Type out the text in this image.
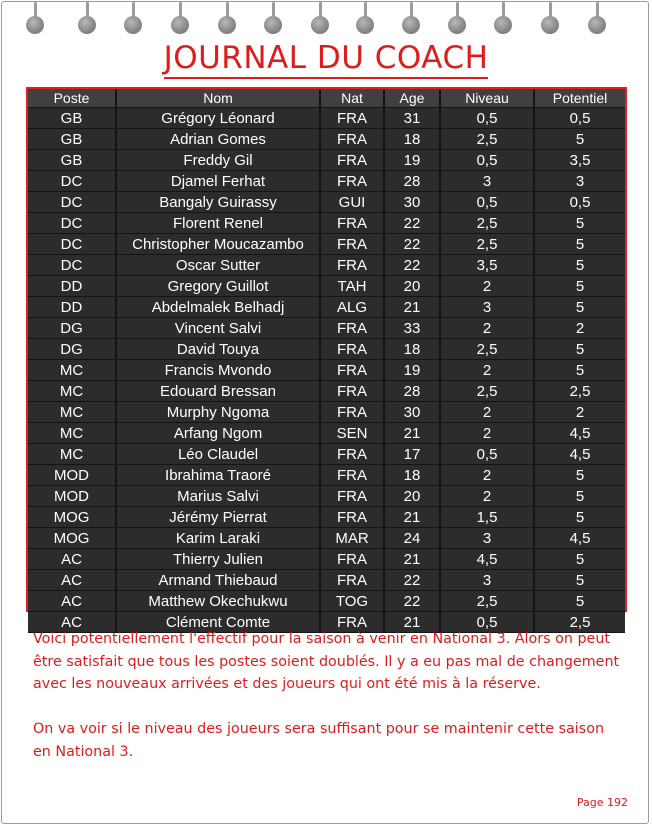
JOURNAL DU COACH
Poste	Nom	Nat	Age	Niveau	Potentiel
GB	Grégory Léonard	FRA	31	0,5	0,5
GB	Adrian Gomes	FRA	18	2,5	5
GB	Freddy Gil	FRA	19	0,5	3,5
DC	Djamel Ferhat	FRA	28	3	3
DC	Bangaly Guirassy	GUI	30	0,5	0,5
DC	Florent Renel	FRA	22	2,5	5
DC	Christopher Moucazambo	FRA	22	2,5	5
DC	Oscar Sutter	FRA	22	3,5	5
DD	Gregory Guillot	TAH	20	2	5
DD	Abdelmalek Belhadj	ALG	21	3	5
DG	Vincent Salvi	FRA	33	2	2
DG	David Touya	FRA	18	2,5	5
MC	Francis Mvondo	FRA	19	2	5
MC	Edouard Bressan	FRA	28	2,5	2,5
MC	Murphy Ngoma	FRA	30	2	2
MC	Arfang Ngom	SEN	21	2	4,5
MC	Léo Claudel	FRA	17	0,5	4,5
MOD	Ibrahima Traoré	FRA	18	2	5
MOD	Marius Salvi	FRA	20	2	5
MOG	Jérémy Pierrat	FRA	21	1,5	5
MOG	Karim Laraki	MAR	24	3	4,5
AC	Thierry Julien	FRA	21	4,5	5
AC	Armand Thiebaud	FRA	22	3	5
AC	Matthew Okechukwu	TOG	22	2,5	5
AC	Clément Comte	FRA	21	0,5	2,5

Voici potentiellement l'effectif pour la saison à venir en National 3. Alors on peut être satisfait que tous les postes soient doublés. Il y a eu pas mal de changement avec les nouveaux arrivées et des joueurs qui ont été mis à la réserve.

On va voir si le niveau des joueurs sera suffisant pour se maintenir cette saison en National 3.

Page 192
